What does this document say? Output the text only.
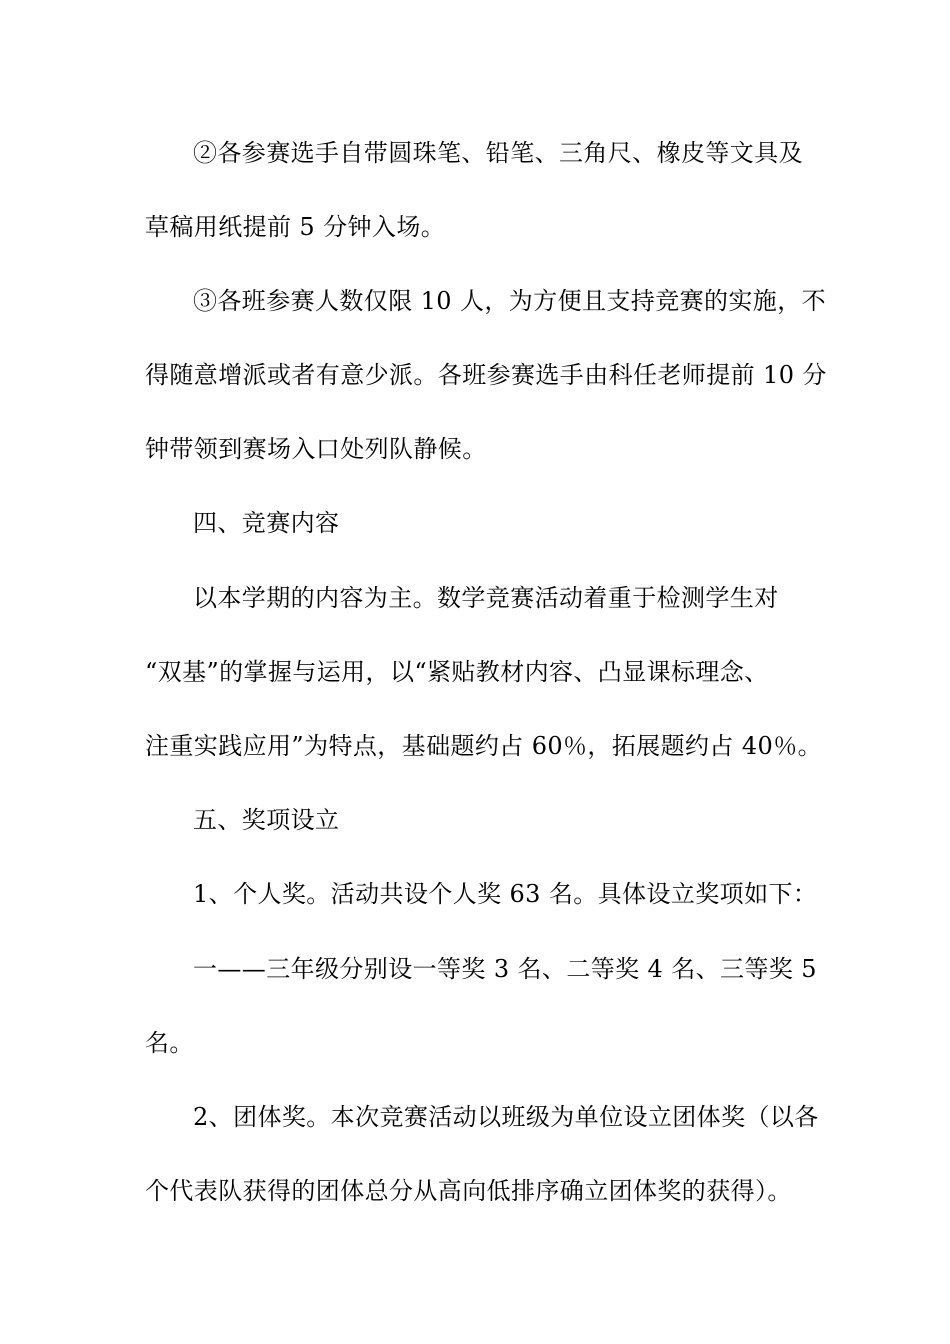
②各参赛选手自带圆珠笔、铅笔、三角尺、橡皮等文具及
草稿用纸提前 5 分钟入场。
③各班参赛人数仅限 10 人，为方便且支持竞赛的实施，不
得随意增派或者有意少派。各班参赛选手由科任老师提前 10 分
钟带领到赛场入口处列队静候。
四、竞赛内容
以本学期的内容为主。数学竞赛活动着重于检测学生对
“双基”的掌握与运用，以“紧贴教材内容、凸显课标理念、
注重实践应用”为特点，基础题约占 60％，拓展题约占 40％。
五、奖项设立
1、个人奖。活动共设个人奖 63 名。具体设立奖项如下：
一——三年级分别设一等奖 3 名、二等奖 4 名、三等奖 5
名。
2、团体奖。本次竞赛活动以班级为单位设立团体奖（以各
个代表队获得的团体总分从高向低排序确立团体奖的获得）。
